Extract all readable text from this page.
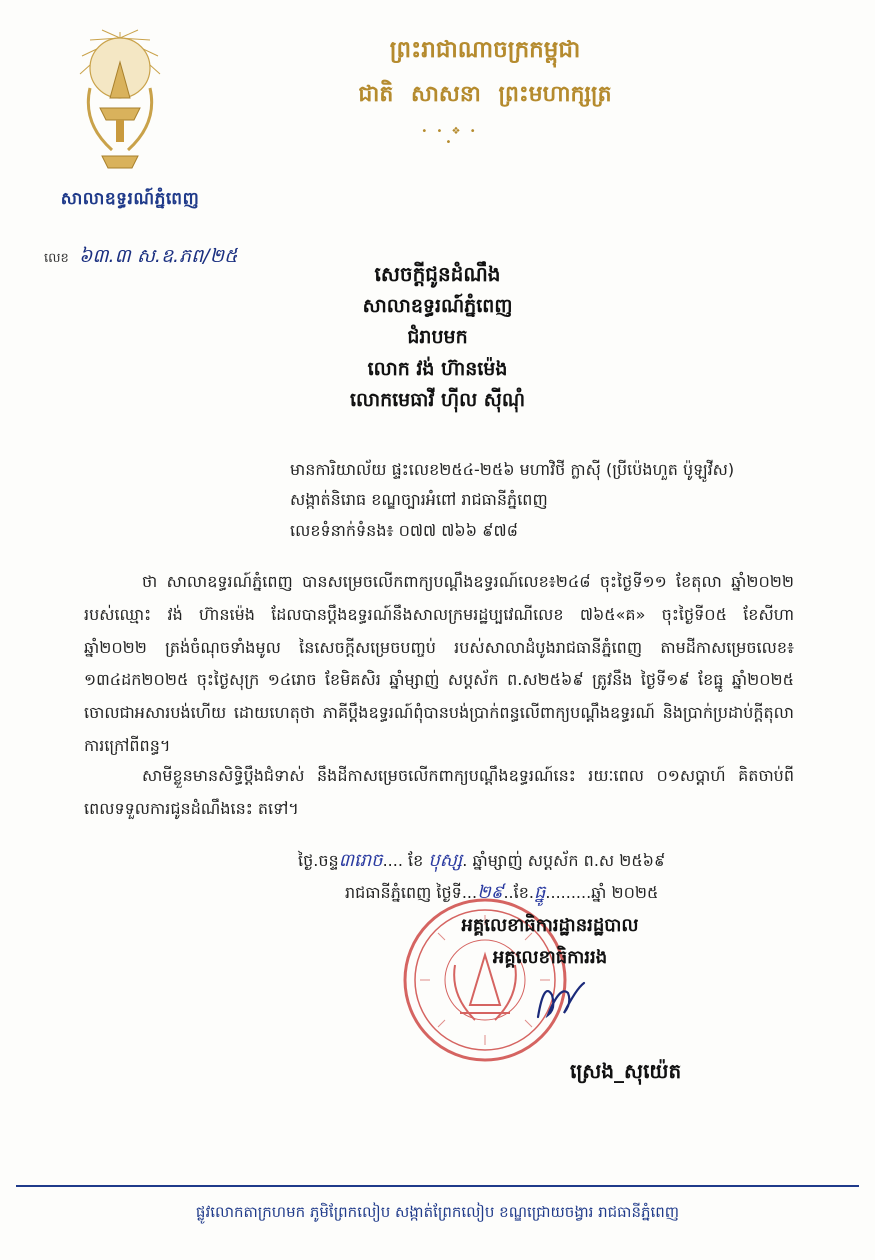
សាលាឧទ្ធរណ៍ភ្នំពេញ
លេខ ៦៣.៣ ស.ឧ.ភព/២៥
ព្រះរាជាណាចក្រកម្ពុជា
ជាតិ សាសនា ព្រះមហាក្សត្រ
• • ❖ • •
សេចក្តីជូនដំណឹង
សាលាឧទ្ធរណ៍ភ្នំពេញ
ជំរាបមក
លោក វង់ ហ៊ានម៉េង
លោកមេធាវី ហ៊ីល ស៊ីណុំ
មានការិយាល័យ ផ្ទះលេខ២៥៤-២៥៦ មហាវិថី ក្លាស៊ី (ប្រីប៉េងហួត ប៉ូឡូវីស)
សង្កាត់និរោធ ខណ្ឌច្បារអំពៅ រាជធានីភ្នំពេញ
លេខទំនាក់ទំនង៖ ០៧៧ ៧៦៦ ៩៧៨
ថា សាលាឧទ្ធរណ៍ភ្នំពេញ បានសម្រេចលើកពាក្យបណ្តឹងឧទ្ធរណ៍លេខ៖២៤៨ ចុះថ្ងៃទី១១ ខែតុលា ឆ្នាំ២០២២ របស់ឈ្មោះ វង់ ហ៊ានម៉េង ដែលបានប្តឹងឧទ្ធរណ៍នឹងសាលក្រមរដ្ឋប្បវេណីលេខ ៧៦៥«គ» ចុះថ្ងៃទី០៥ ខែសីហា ឆ្នាំ២០២២ ត្រង់ចំណុចទាំងមូល នៃសេចក្តីសម្រេចបញ្ចប់ របស់សាលាដំបូងរាជធានីភ្នំពេញ តាមដីកាសម្រេចលេខ៖ ១៣៤ដក២០២៥ ចុះថ្ងៃសុក្រ ១៤រោច ខែមិគសិរ ឆ្នាំម្សាញ់ សប្តស័ក ព.ស២៥៦៩ ត្រូវនឹង ថ្ងៃទី១៩ ខែធ្នូ ឆ្នាំ២០២៥ ចោលជាអសារបង់ហើយ ដោយហេតុថា ភាគីប្តឹងឧទ្ធរណ៍ពុំបានបង់ប្រាក់ពន្ធលើពាក្យបណ្តឹងឧទ្ធរណ៍ និងប្រាក់ប្រដាប់ក្តីតុលាការក្រៅពីពន្ធ។
សាមីខ្លួនមានសិទ្ធិប្តឹងជំទាស់ នឹងដីកាសម្រេចលើកពាក្យបណ្តឹងឧទ្ធរណ៍នេះ រយៈពេល ០១សប្តាហ៍ គិតចាប់ពី ពេលទទួលការជូនដំណឹងនេះ តទៅ។
ថ្ងៃ.ចន្ទ៣រោច.... ខែ បុស្ស. ឆ្នាំម្សាញ់ សប្តស័ក ព.ស ២៥៦៩
រាជធានីភ្នំពេញ ថ្ងៃទី...២៩..ខែ.ធ្នូ.........ឆ្នាំ ២០២៥
អគ្គលេខាធិការដ្ឋានរដ្ឋបាល
អគ្គលេខាធិការរង
ស្រេង_សុយ៉េត
ផ្លូវលោកតាក្រហមក ភូមិព្រែកលៀប សង្កាត់ព្រែកលៀប ខណ្ឌជ្រោយចង្វារ រាជធានីភ្នំពេញ
